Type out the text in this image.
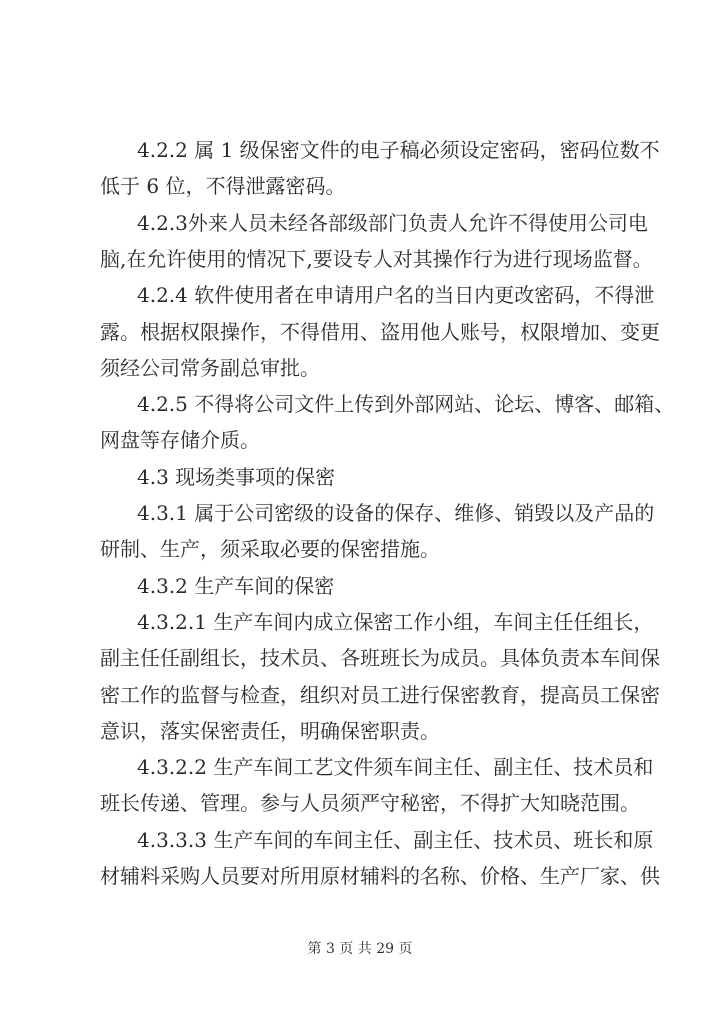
4.2.2 属 1 级保密文件的电子稿必须设定密码，密码位数不
低于 6 位，不得泄露密码。
4.2.3外来人员未经各部级部门负责人允许不得使用公司电
脑,在允许使用的情况下,要设专人对其操作行为进行现场监督。
4.2.4 软件使用者在申请用户名的当日内更改密码，不得泄
露。根据权限操作，不得借用、盗用他人账号，权限增加、变更
须经公司常务副总审批。
4.2.5 不得将公司文件上传到外部网站、论坛、博客、邮箱、
网盘等存储介质。
4.3 现场类事项的保密
4.3.1 属于公司密级的设备的保存、维修、销毁以及产品的
研制、生产，须采取必要的保密措施。
4.3.2 生产车间的保密
4.3.2.1 生产车间内成立保密工作小组，车间主任任组长，
副主任任副组长，技术员、各班班长为成员。具体负责本车间保
密工作的监督与检查，组织对员工进行保密教育，提高员工保密
意识，落实保密责任，明确保密职责。
4.3.2.2 生产车间工艺文件须车间主任、副主任、技术员和
班长传递、管理。参与人员须严守秘密，不得扩大知晓范围。
4.3.3.3 生产车间的车间主任、副主任、技术员、班长和原
材辅料采购人员要对所用原材辅料的名称、价格、生产厂家、供
第 3 页 共 29 页
